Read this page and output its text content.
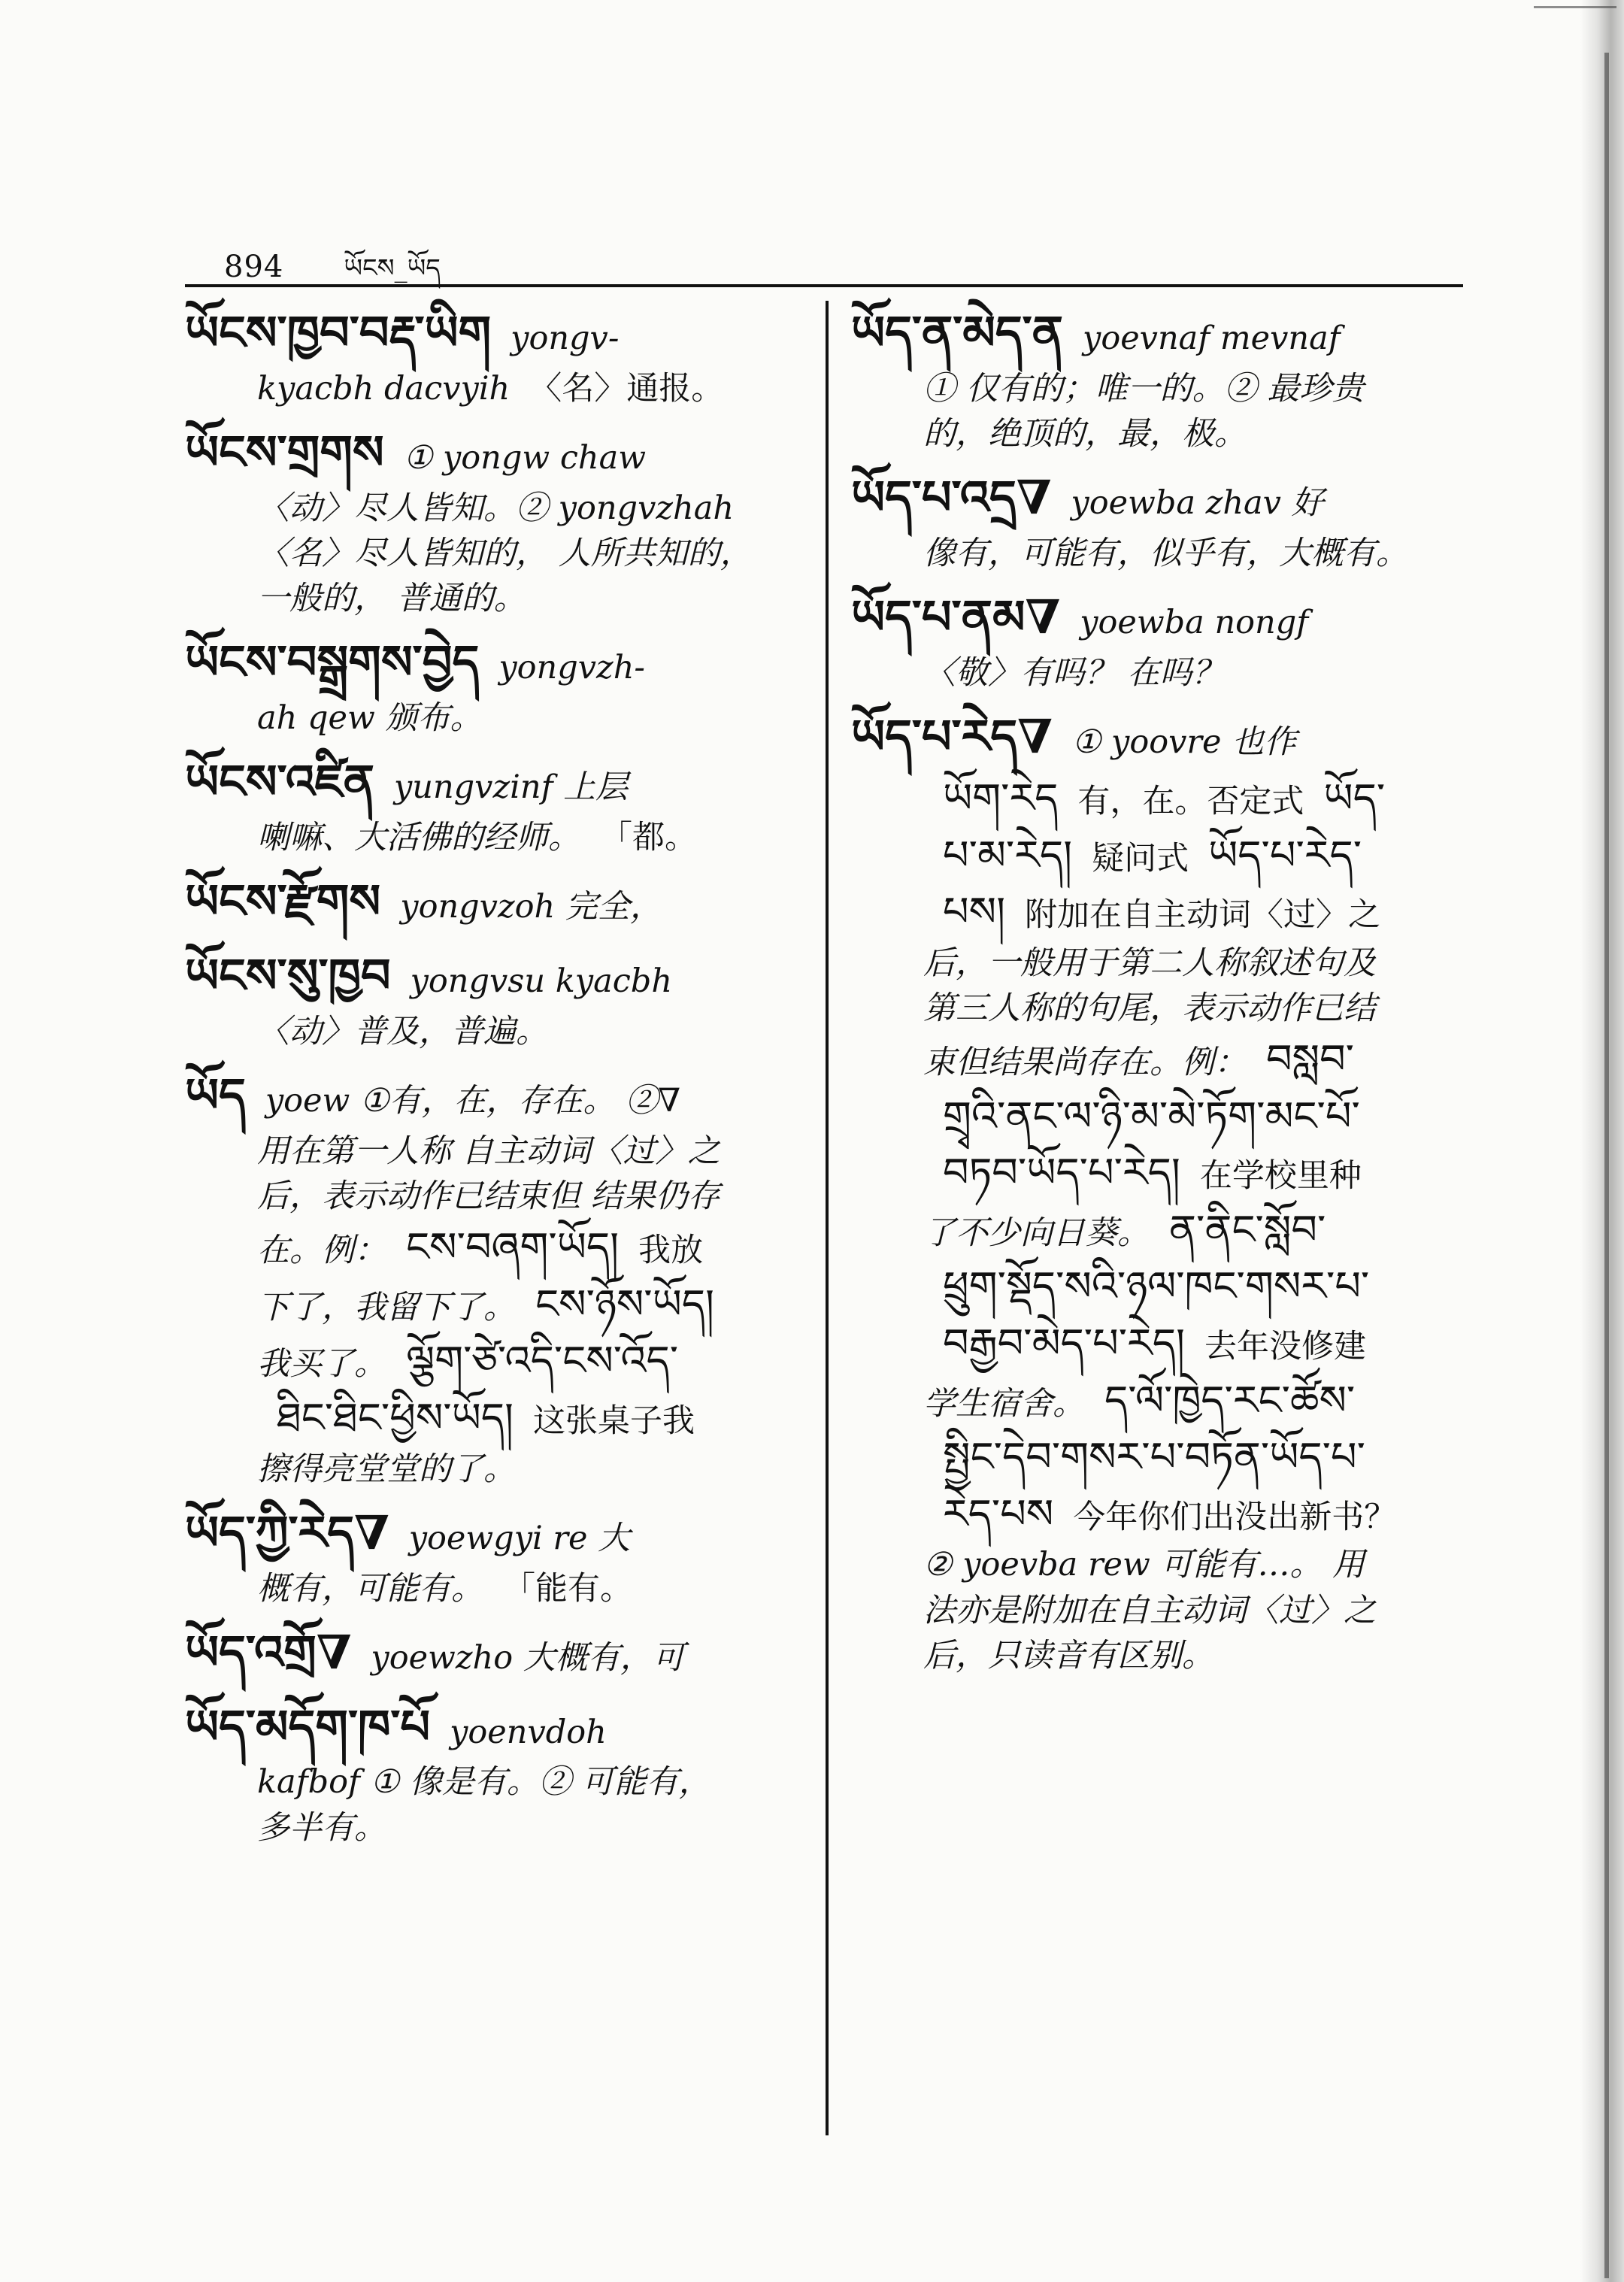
894 ཡོངས_ཡོད
ཡོངས་ཁྱབ་བརྡ་ཡིག yongv-
kyacbh dacvyih 〈名〉通报。
ཡོངས་གྲགས ① yongw chaw
〈动〉尽人皆知。② yongvzhah
〈名〉尽人皆知的， 人所共知的，
一般的， 普通的。
ཡོངས་བསྒྲགས་བྱེད yongvzh-
ah qew 颁布。
ཡོངས་འཛིན yungvzinf 上层
喇嘛、大活佛的经师。 「都。
ཡོངས་རྫོགས yongvzoh 完全，
ཡོངས་སུ་ཁྱབ yongvsu kyacbh
〈动〉普及，普遍。
ཡོད yoew ①有，在，存在。 ②∇
用在第一人称 自主动词〈过〉之
后，表示动作已结束但 结果仍存
在。例： ངས་བཞག་ཡོད། 我放
下了，我留下了。 ངས་ཉོས་ཡོད།
我买了。 ལྕོག་ཙེ་འདི་ངས་འོད་
ཐིང་ཐིང་ཕྱིས་ཡོད། 这张桌子我
擦得亮堂堂的了。
ཡོད་ཀྱི་རེད∇ yoewgyi re 大
概有，可能有。 「能有。
ཡོད་འགྲོ∇ yoewzho 大概有，可
ཡོད་མདོག་ཁ་པོ yoenvdoh
kafbof ① 像是有。② 可能有，
多半有。
ཡོད་ན་མེད་ན yoevnaf mevnaf
① 仅有的；唯一的。② 最珍贵
的，绝顶的，最，极。
ཡོད་པ་འདྲ∇ yoewba zhav 好
像有，可能有，似乎有，大概有。
ཡོད་པ་ནམ∇ yoewba nongf
〈敬〉有吗？ 在吗？
ཡོད་པ་རེད∇ ① yoovre 也作
ཡོག་རེད 有，在。否定式 ཡོད་
པ་མ་རེད། 疑问式 ཡོད་པ་རེད་
པས། 附加在自主动词〈过〉之
后，一般用于第二人称叙述句及
第三人称的句尾，表示动作已结
束但结果尚存在。例： བསླབ་
གྲྭའི་ནང་ལ་ཉི་མ་མེ་ཏོག་མང་པོ་
བཏབ་ཡོད་པ་རེད། 在学校里种
了不少向日葵。 ན་ནིང་སློབ་
ཕྲུག་སྡོད་སའི་ཉལ་ཁང་གསར་པ་
བརྒྱབ་མེད་པ་རེད། 去年没修建
学生宿舍。 ད་ལོ་ཁྱེད་རང་ཚོས་
སྤྱིང་དེབ་གསར་པ་བཏོན་ཡོད་པ་
རེད་པས 今年你们出没出新书？
② yoevba rew 可能有…。 用
法亦是附加在自主动词〈过〉之
后，只读音有区别。
